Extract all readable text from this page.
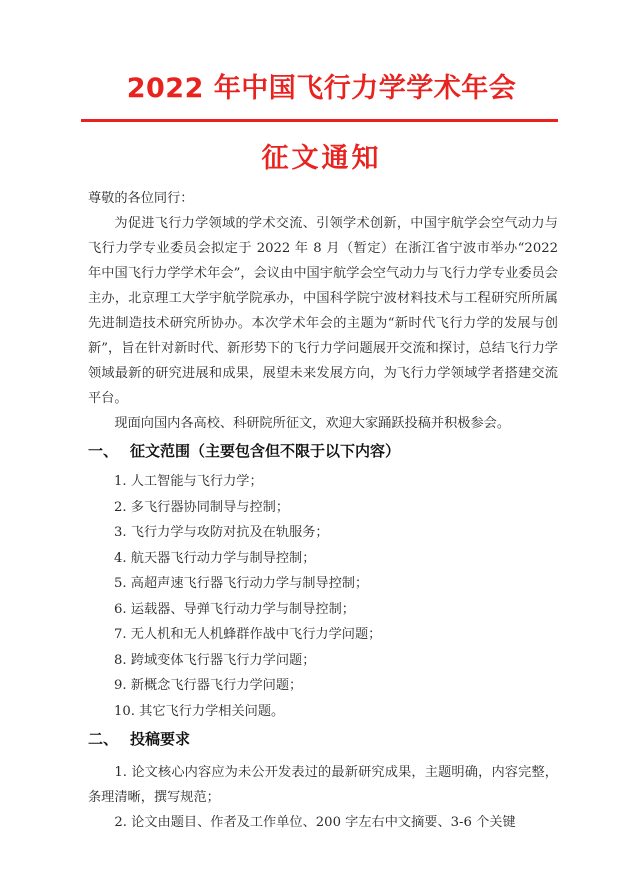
2022 年中国飞行力学学术年会
征文通知

尊敬的各位同行：

为促进飞行力学领域的学术交流、引领学术创新，中国宇航学会空气动力与飞行力学专业委员会拟定于 2022 年 8 月（暂定）在浙江省宁波市举办“2022 年中国飞行力学学术年会”，会议由中国宇航学会空气动力与飞行力学专业委员会主办，北京理工大学宇航学院承办，中国科学院宁波材料技术与工程研究所所属先进制造技术研究所协办。本次学术年会的主题为“新时代飞行力学的发展与创新”，旨在针对新时代、新形势下的飞行力学问题展开交流和探讨，总结飞行力学领域最新的研究进展和成果，展望未来发展方向，为飞行力学领域学者搭建交流平台。

现面向国内各高校、科研院所征文，欢迎大家踊跃投稿并积极参会。

一、 征文范围（主要包含但不限于以下内容）
1. 人工智能与飞行力学；
2. 多飞行器协同制导与控制；
3. 飞行力学与攻防对抗及在轨服务；
4. 航天器飞行动力学与制导控制；
5. 高超声速飞行器飞行动力学与制导控制；
6. 运载器、导弹飞行动力学与制导控制；
7. 无人机和无人机蜂群作战中飞行力学问题；
8. 跨域变体飞行器飞行力学问题；
9. 新概念飞行器飞行力学问题；
10. 其它飞行力学相关问题。
二、 投稿要求

1. 论文核心内容应为未公开发表过的最新研究成果，主题明确，内容完整，条理清晰，撰写规范；

2. 论文由题目、作者及工作单位、200 字左右中文摘要、3-6 个关键
